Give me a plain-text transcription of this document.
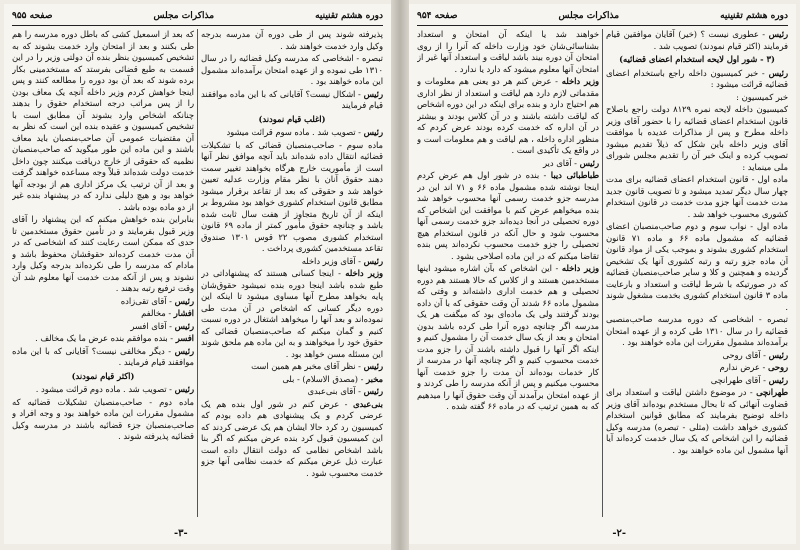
دوره هشتم تقنینیه
مذاکرات مجلس
صفحه ۹۵۵

پذیرفته شوند پس از طی دوره آن مدرسه بدرجه وکیل وارد خدمت خواهند شد .

تبصره - اشخاصی که مدرسه وکیل قضائیه را در سال ۱۳۱۰ طی نموده و از عهده امتحان برآمده‌اند مشمول این ماده خواهند بود .

رئیس - اشکال نیست؟ آقایانی که با این ماده موافقند قیام فرمایند

(اغلب قیام نمودند)

رئیس - تصویب شد . ماده سوم قرائت میشود

ماده سوم - صاحب‌منصبان قضائی که با تشکیلات قضائیه انتقال داده شده‌اند باید آنچه موافق نظر آنها است از مأموریت خارج هرگاه بخواهند تغییر سمت دهند حقوق آنان با نظر مقام وزارت عدلیه تعیین خواهد شد و حقوقی که بعد از تقاعد برقرار میشود مطابق قانون استخدام کشوری خواهد بود مشروط بر اینکه از آن تاریخ متجاوز از هفت سال ثابت شده باشد و چنانچه حقوق مأمور کمتر از ماده ۶۹ قانون استخدام کشوری مصوب ۲۲ قوس ۱۳۰۱ صندوق تقاعد مستخدمین کشوری پرداخت .

رئیس - آقای وزیر داخله

وزیر داخله - اینجا کسانی هستند که پیشنهاداتی در طبع شده باشد اینجا دوره بنده نمیشود حقوق‌شان پایه بخواهد مطرح آنها مساوی میشود تا اینکه این دوره دیگر کسانی که اشخاص در آن مدت طی نموده‌اند و بعد آنها را میخواهد اشتغال در دوره نسبت کنیم و گمان میکنم که صاحب‌منصبان قضائی که حقوق خود را میخواهند و به این ماده هم ملحق شوند این مسئله مسن خواهد بود .

رئیس - نظر آقای مخبر هم همین است

مخبر - (مصدق الاسلام) - بلی

رئیس - آقای بنی‌عبدی

بنی‌عبدی - عرض کنم در شور اول بنده هم یک عرضی کردم و یک پیشنهادی هم داده بودم که کمیسیون رد کرد حالا ایشان هم یک عرضی کردند که این کمیسیون قبول کرد بنده عرض میکنم که اگر بنا باشد اشخاص نظامی که دولت انتقال داده است عبارت ذیل عرض میکنم که خدمت نظامی آنها جزو خدمت محسوب شود .

که بعد از اسمعیل کشی که باطل دوره مدرسه را هم طی بکنند و بعد از امتحان وارد خدمت بشوند که به تشخیص کمیسیون بنظر بنده آن دولتی وزیر را در این قسمت به طبع قضائی بفرستد که مستخدمینی بکار برده شوند که بعد آن بود دوره را مطالعه کنند و پس اینجا خواهش کردم وزیر داخله آنچه یک معاف بودن را از پس مراتب درجه استخدام حقوق را بدهند چنانکه اشخاص وارد بشوند آن مطابق است با تشخیص کمیسیون و عقیده بنده این است که نظر به آن مقتضیات عمومی آن صاحب‌منصبان باید معاف باشند و این ماده این طور میگوید که صاحب‌منصبان نظمیه که حقوقی از خارج دریافت میکنند چون داخل خدمت دولت شده‌اند قبلاً وجه مساعده خواهند گرفت و بعد از آن ترتیب یک مرکز اداری هم از بودجه آنها خواهد بود و هیچ دلیلی ندارد که در پیشنهاد بنده غیر از دو ماده بوده باشد .

بنابراین بنده خواهش میکنم که این پیشنهاد را آقای وزیر قبول بفرمایند و در تأمین حقوق مستخدمین تا حدی که ممکن است رعایت کنند که اشخاصی که در آن مدت خدمت کرده‌اند حقوقشان محفوظ باشد و مادام که مدرسه را طی نکرده‌اند بدرجه وکیل وارد نشوند و پس از آنکه مدت خدمت آنها معلوم شد آن وقت ترفیع رتبه بدهند .

رئیس - آقای تقی‌زاده

افشار - مخالفم

رئیس - آقای افسر

افسر - بنده موافقم بنده عرض ما یک مخالف .

رئیس - دیگر مخالفی نیست؟ آقایانی که با این ماده موافقند قیام فرمایند .

(اکثر قیام نمودند)

رئیس - تصویب شد . ماده دوم قرائت میشود .

ماده دوم - صاحب‌منصبان تشکیلات قضائیه که مشمول مقررات این ماده خواهند بود و وجه افراد و صاحب‌منصبان جزء قضائیه باشند در مدرسه وکیل قضائیه پذیرفته شوند .

-۳-
دوره هشتم تقنینیه
مذاکرات مجلس
صفحه ۹۵۴

رئیس - عطوری نیست ؟ (خیر) آقایان موافقین قیام فرمایند (اکثر قیام نمودند) تصویب شد .

(۳ - شور اول لایحه استخدام اعضای قضائیه)

رئیس - خبر کمیسیون داخله راجع باستخدام اعضای قضائیه قرائت میشود :

خبر کمیسیون :

کمیسیون داخله لایحه نمره ۸۱۲۹ دولت راجع باصلاح قانون استخدام اعضای قضائیه را با حضور آقای وزیر داخله مطرح و پس از مذاکرات عدیده با موافقت آقای وزیر داخله باین شکل که ذیلاً تقدیم میشود تصویب کرده و اینک خبر آن را تقدیم مجلس شورای ملی مینماید :

ماده اول - قانون استخدام اعضای قضائیه برای مدت چهار سال دیگر تمدید میشود و تا تصویب قانون جدید مدت خدمت آنها جزو مدت خدمت در قانون استخدام کشوری محسوب خواهد شد .

ماده اول - نواب سوم و دوم صاحب‌منصبان اعضای قضائیه که مشمول ماده ۶۶ و ماده ۷۱ قانون استخدام کشوری بشوند و بموجب یکی از مواد قانون آن ماده جزو رتبه و رتبه کشوری آنها یک تشخیص گردیده و همچنین و کلا و سایر صاحب‌منصبان قضائیه که در صورتیکه با شرط لیاقت و استعداد و بارعایت ماده ۳ قانون استخدام کشوری بخدمت مشغول شوند .

تبصره - اشخاصی که دوره مدرسه صاحب‌منصبی قضائیه را در سال ۱۳۱۰ طی کرده و از عهده امتحان برآمده‌اند مشمول مقررات این ماده خواهند بود .

رئیس - آقای روحی

روحی - عرض ندارم

رئیس - آقای طهرانچی

طهرانچی - در موضوع داشتن لیاقت و استعداد برای قضاوت آنهائی که تا بحال مستخدم بوده‌اند آقای وزیر داخله توضیح بفرمایند که مطابق قوانین استخدام کشوری خواهد داشت (مثلی - تبصره) مدرسه وکیل قضائیه را این اشخاص که یک سال خدمت کرده‌اند آیا آنها مشمول این ماده خواهند بود .

خواهند شد یا اینکه آن امتحان و استعداد بشناسائی‌شان خود وزارت داخله که آنرا را از روی امتحان آن دوره بیند باشد لیاقت و استعداد آنها غیر از امتحان آنها معلوم میشود که دارد یا ندارد .

وزیر داخله - عرض کنم هر دو یعنی هم معلومات و مقدماتی لازم دارد هم لیاقت و استعداد از نظر اداری هم احتیاج دارد و بنده برای اینکه در این دوره اشخاص که لیاقت داشته باشند و در آن کلاس بودند و بیشتر در آن اداره که خدمت کرده بودند عرض کردم که منظور اداره داخله ، هم لیاقت و هم معلومات است و در واقع یک تأکیدی است .

رئیس - آقای دیر

طباطبائی دیبا - بنده در شور اول هم عرض کردم اینجا نوشته شده مشمول ماده ۶۶ و ۷۱ اند این در مدرسه جزو خدمت رسمی آنها محسوب خواهد شد بنده میخواهم عرض کنم با موافقت این اشخاص که دوره تحصیلی در آنجا دیده‌اند جزو خدمت رسمی آنها محسوب شود و حال آنکه در قانون استخدام هیچ تحصیلی را جزو خدمت محسوب نکرده‌اند پس بنده تقاضا میکنم که در این ماده اصلاحی بشود .

وزیر داخله - این اشخاص که بآن اشاره میشود اینها مستخدمین هستند و از کلاس که حالا هستند هم دوره تحصیلی و هم خدمت اداری داشته‌اند و وقتی که مشمول ماده ۶۶ شدند آن وقت حقوقی که با آن داده بودند گرفتند ولی یک ماده‌ای بود که میگفت هر یک مدرسه اگر چنانچه دوره آنرا طی کرده باشد بدون امتحان و بعد از یک سال خدمت آن را مشمول کنیم و اینکه اگر آنها را قبول داشته باشند آن را جزو مدت خدمت محسوب کنیم و اگر چنانچه آنها در مدرسه از کار خدمات بوده‌اند آن مدت را جزو خدمت آنها محسوب میکنیم و پس از آنکه مدرسه را طی کردند و از عهده امتحان برآمدند آن وقت حقوق آنها را میدهیم که به همین ترتیب که در ماده ۶۶ گفته شده .

-۲-
